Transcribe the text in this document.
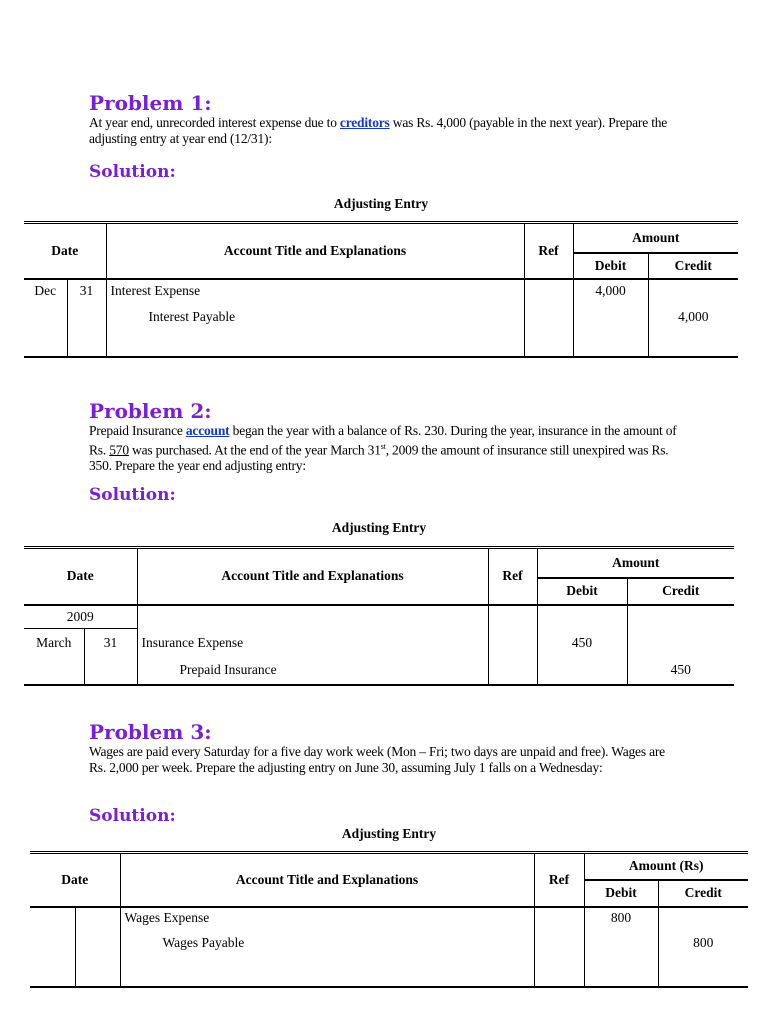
Problem 1:

At year end, unrecorded interest expense due to creditors was Rs. 4,000 (payable in the next year). Prepare the adjusting entry at year end (12/31):

Solution:
Adjusting Entry
Date		Account Title and Explanations	Ref	Amount	
				Debit	Credit
Dec	31	Interest Expense		4,000	
		Interest Payable			4,000

Problem 2:

Prepaid Insurance account began the year with a balance of Rs. 230. During the year, insurance in the amount of Rs. 570 was purchased. At the end of the year March 31st, 2009 the amount of insurance still unexpired was Rs. 350. Prepare the year end adjusting entry:

Solution:
Adjusting Entry
Date		Account Title and Explanations	Ref	Amount	
				Debit	Credit
2009					
March	31	Insurance Expense		450	
		Prepaid Insurance			450
Problem 3:

Wages are paid every Saturday for a five day work week (Mon – Fri; two days are unpaid and free). Wages are Rs. 2,000 per week. Prepare the adjusting entry on June 30, assuming July 1 falls on a Wednesday:

Solution:
Adjusting Entry
Date		Account Title and Explanations	Ref	Amount (Rs)	
				Debit	Credit
		Wages Expense		800	
		Wages Payable			800
